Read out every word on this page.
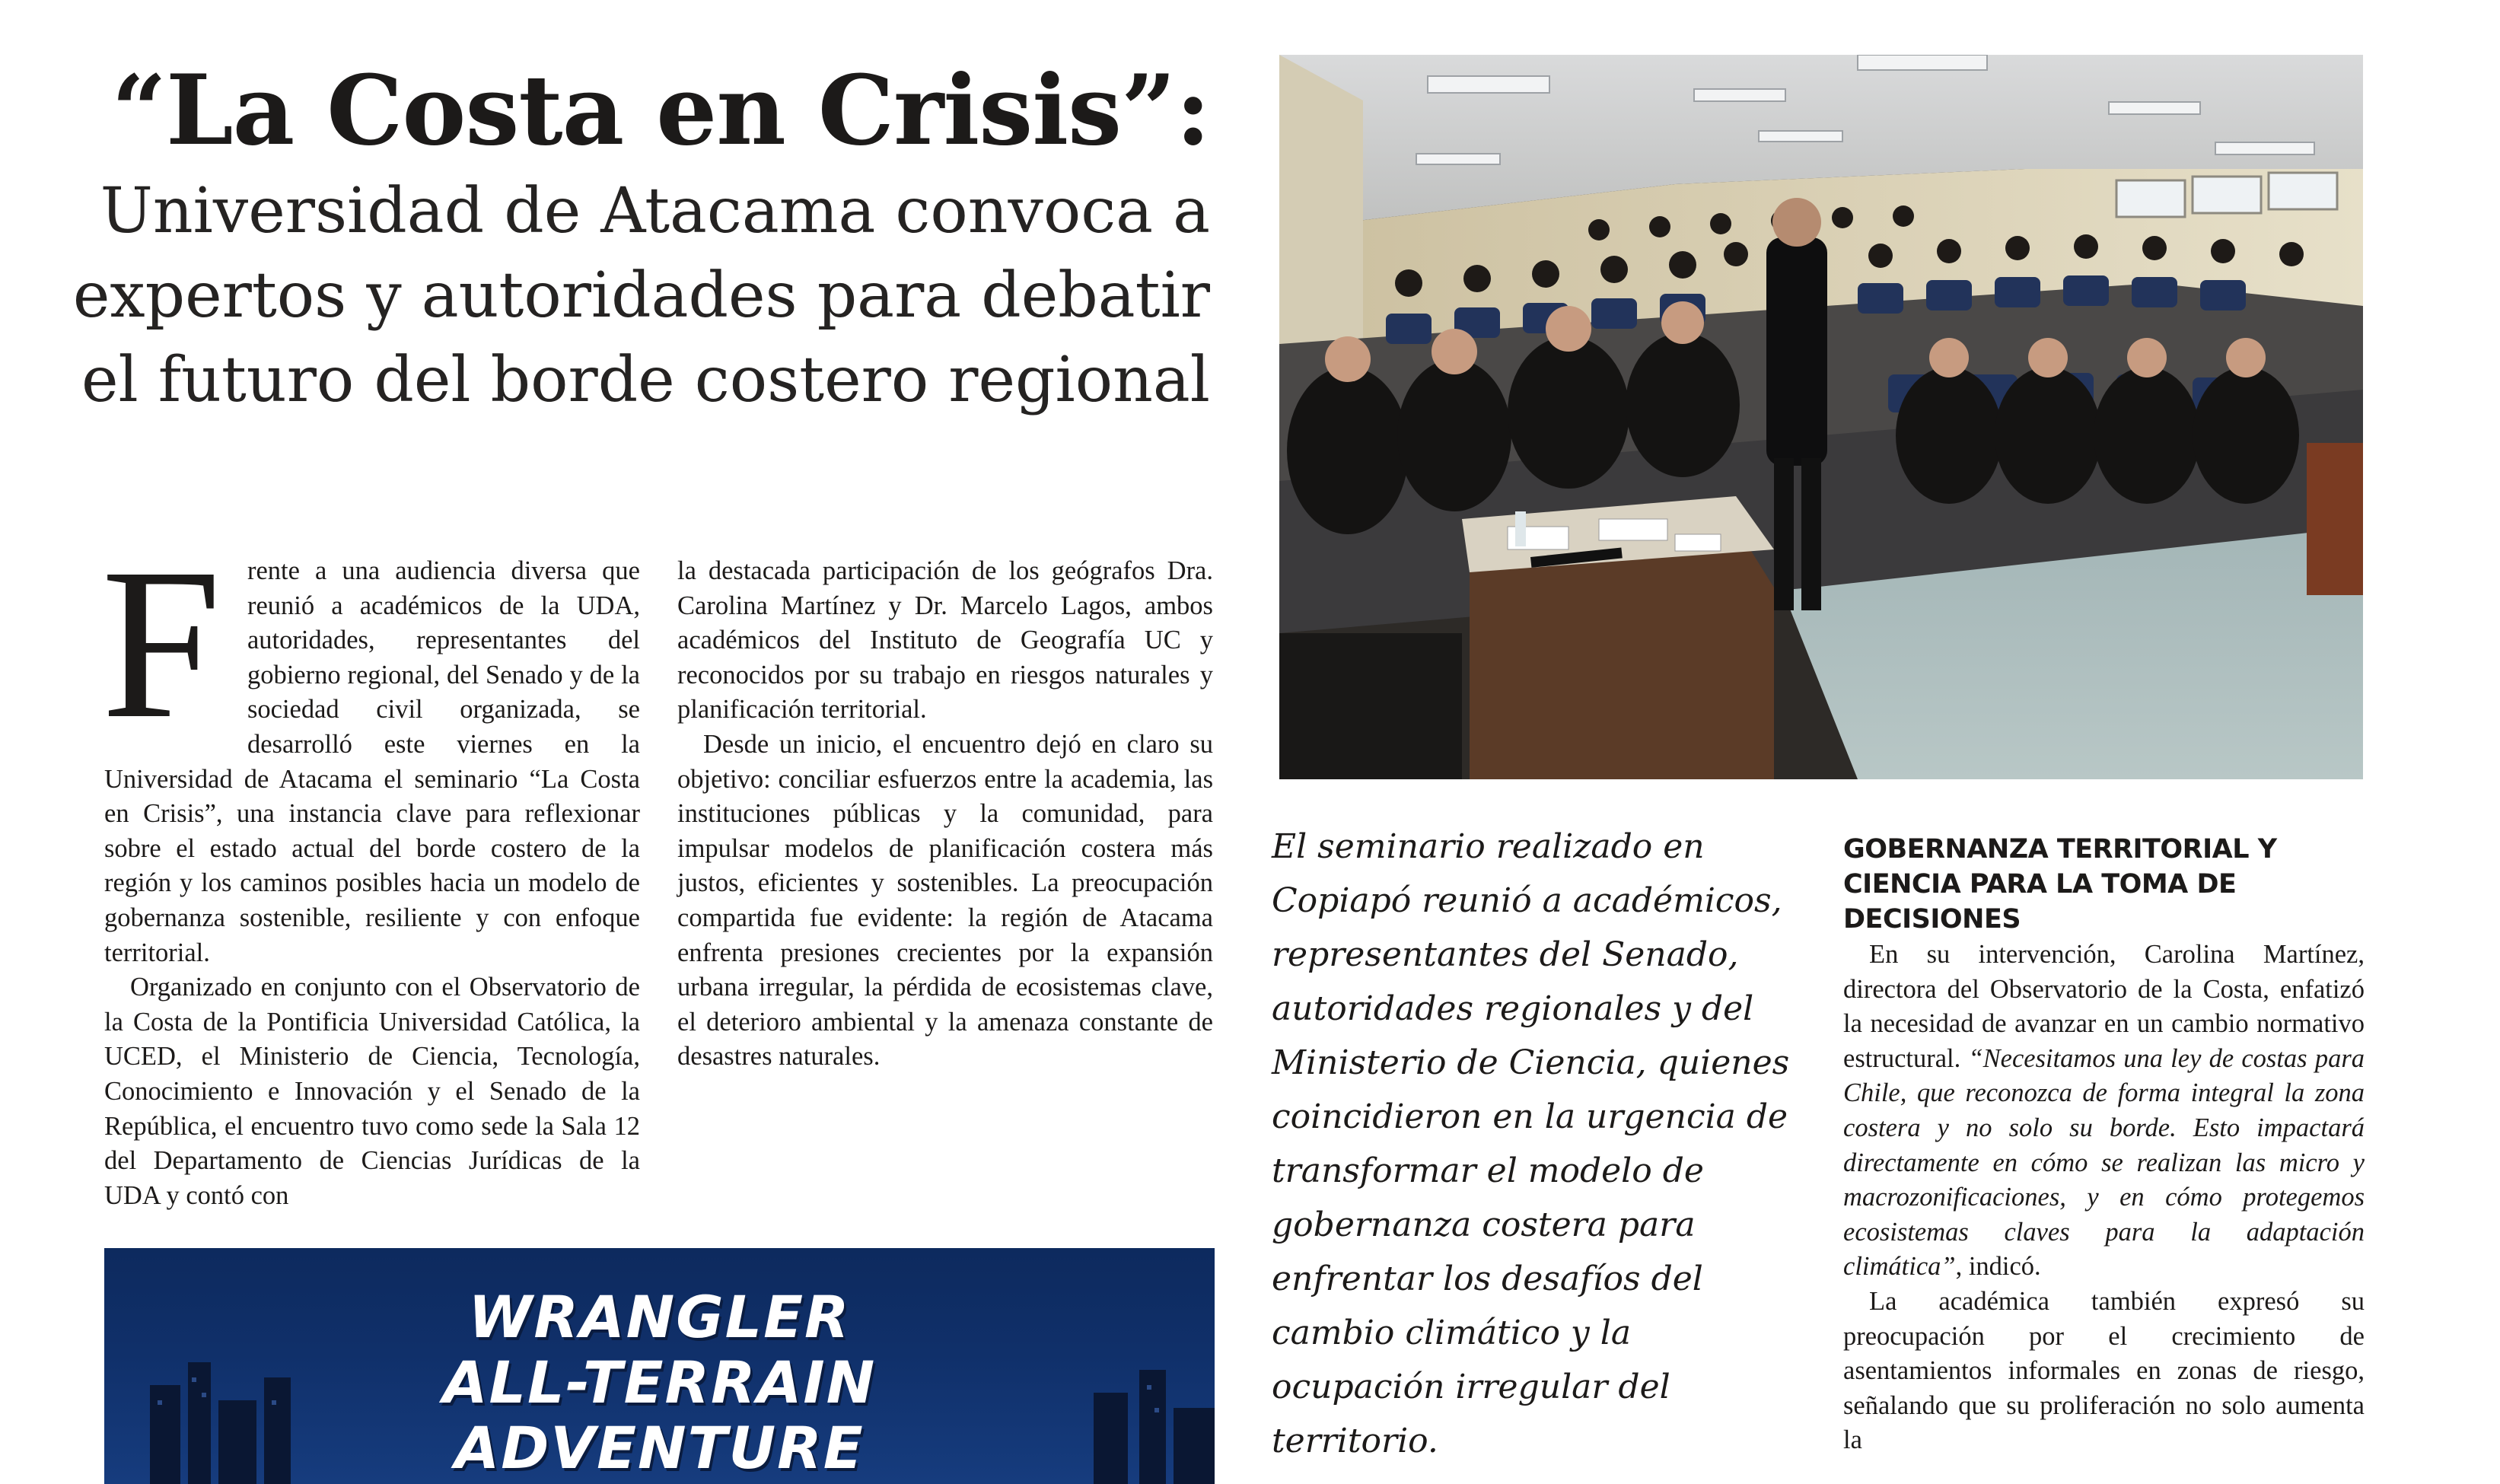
“La Costa en Crisis”:
Universidad de Atacama convoca a expertos y autoridades para debatir el futuro del borde costero regional

F rente a una audiencia diversa que reunió a académicos de la UDA, autoridades, representantes del gobierno regional, del Senado y de la sociedad civil organizada, se desarrolló este viernes en la Universidad de Atacama el seminario “La Costa en Crisis”, una instancia clave para reflexionar sobre el estado actual del borde costero de la región y los caminos posibles hacia un modelo de gobernanza sostenible, resiliente y con enfoque territorial.

Organizado en conjunto con el Observatorio de la Costa de la Pontificia Universidad Católica, la UCED, el Ministerio de Ciencia, Tecnología, Conocimiento e Innovación y el Senado de la República, el encuentro tuvo como sede la Sala 12 del Departamento de Ciencias Jurídicas de la UDA y contó con

la destacada participación de los geógrafos Dra. Carolina Martínez y Dr. Marcelo Lagos, ambos académicos del Instituto de Geografía UC y reconocidos por su trabajo en riesgos naturales y planificación territorial.

Desde un inicio, el encuentro dejó en claro su objetivo: conciliar esfuerzos entre la academia, las instituciones públicas y la comunidad, para impulsar modelos de planificación costera más justos, eficientes y sostenibles. La preocupación compartida fue evidente: la región de Atacama enfrenta presiones crecientes por la expansión urbana irregular, la pérdida de ecosistemas clave, el deterioro ambiental y la amenaza constante de desastres naturales.

El seminario realizado en Copiapó reunió a académicos, representantes del Senado, autoridades regionales y del Ministerio de Ciencia, quienes coincidieron en la urgencia de transformar el modelo de gobernanza costera para enfrentar los desafíos del cambio climático y la ocupación irregular del territorio.
GOBERNANZA TERRITORIAL Y CIENCIA PARA LA TOMA DE DECISIONES

En su intervención, Carolina Martínez, directora del Observatorio de la Costa, enfatizó la necesidad de avanzar en un cambio normativo estructural. “Necesitamos una ley de costas para Chile, que reconozca de forma integral la zona costera y no solo su borde. Esto impactará directamente en cómo se realizan las micro y macrozonificaciones, y en cómo protegemos ecosistemas claves para la adaptación climática”, indicó.

La académica también expresó su preocupación por el crecimiento de asentamientos informales en zonas de riesgo, señalando que su proliferación no solo aumenta la

WRANGLER
ALL-TERRAIN
ADVENTURE
